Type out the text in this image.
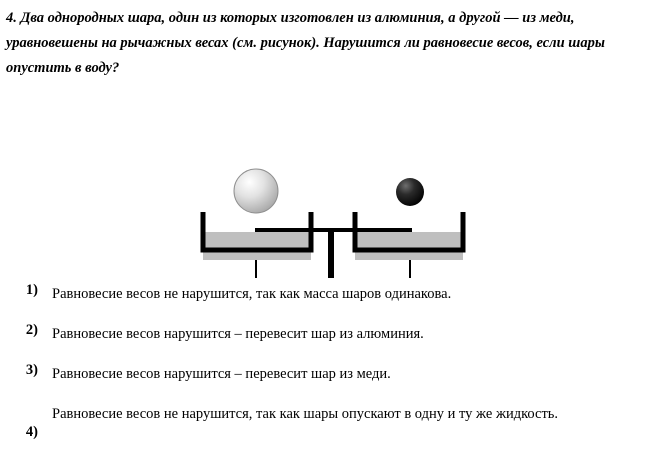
4. Два однородных шара, один из которых изготовлен из алюминия, а другой — из меди, уравновешены на рычажных весах (см. рисунок). Нарушится ли равновесие весов, если шары опустить в воду?
1) Равновесие весов не нарушится, так как масса шаров одинакова.
2) Равновесие весов нарушится – перевесит шар из алюминия.
3) Равновесие весов нарушится – перевесит шар из меди.
4)
Равновесие весов не нарушится, так как шары опускают в одну и ту же жидкость.
